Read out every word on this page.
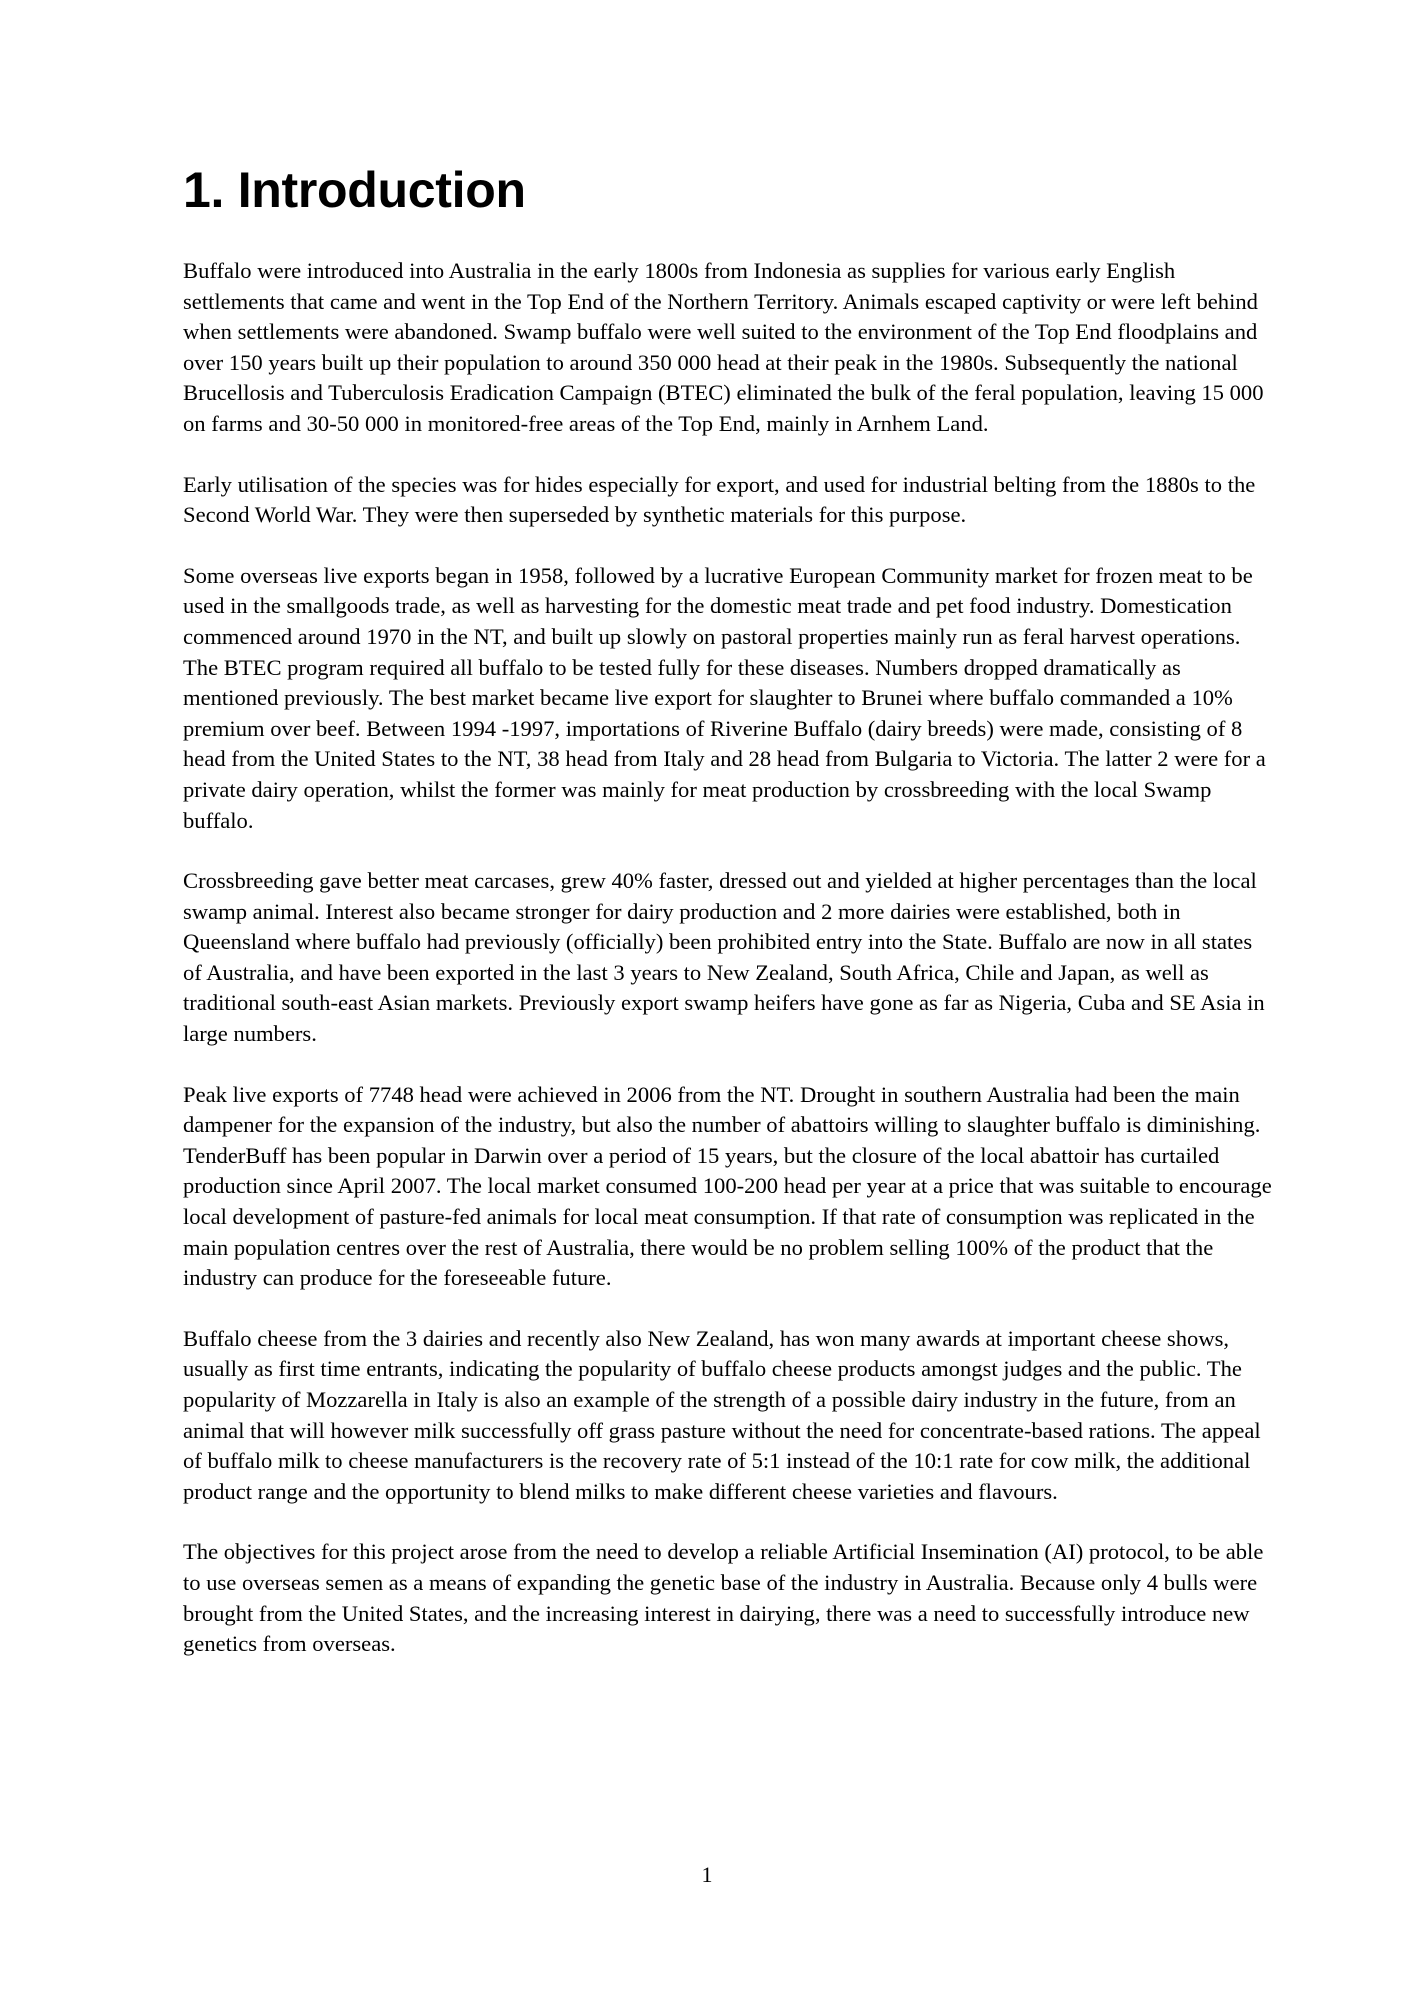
1. Introduction

Buffalo were introduced into Australia in the early 1800s from Indonesia as supplies for various early English settlements that came and went in the Top End of the Northern Territory. Animals escaped captivity or were left behind when settlements were abandoned. Swamp buffalo were well suited to the environment of the Top End floodplains and over 150 years built up their population to around 350 000 head at their peak in the 1980s. Subsequently the national Brucellosis and Tuberculosis Eradication Campaign (BTEC) eliminated the bulk of the feral population, leaving 15 000 on farms and 30-50 000 in monitored-free areas of the Top End, mainly in Arnhem Land.

Early utilisation of the species was for hides especially for export, and used for industrial belting from the 1880s to the Second World War. They were then superseded by synthetic materials for this purpose.

Some overseas live exports began in 1958, followed by a lucrative European Community market for frozen meat to be used in the smallgoods trade, as well as harvesting for the domestic meat trade and pet food industry. Domestication commenced around 1970 in the NT, and built up slowly on pastoral properties mainly run as feral harvest operations. The BTEC program required all buffalo to be tested fully for these diseases. Numbers dropped dramatically as mentioned previously. The best market became live export for slaughter to Brunei where buffalo commanded a 10% premium over beef. Between 1994 -1997, importations of Riverine Buffalo (dairy breeds) were made, consisting of 8 head from the United States to the NT, 38 head from Italy and 28 head from Bulgaria to Victoria. The latter 2 were for a private dairy operation, whilst the former was mainly for meat production by crossbreeding with the local Swamp buffalo.

Crossbreeding gave better meat carcases, grew 40% faster, dressed out and yielded at higher percentages than the local swamp animal. Interest also became stronger for dairy production and 2 more dairies were established, both in Queensland where buffalo had previously (officially) been prohibited entry into the State. Buffalo are now in all states of Australia, and have been exported in the last 3 years to New Zealand, South Africa, Chile and Japan, as well as traditional south-east Asian markets. Previously export swamp heifers have gone as far as Nigeria, Cuba and SE Asia in large numbers.

Peak live exports of 7748 head were achieved in 2006 from the NT. Drought in southern Australia had been the main dampener for the expansion of the industry, but also the number of abattoirs willing to slaughter buffalo is diminishing. TenderBuff has been popular in Darwin over a period of 15 years, but the closure of the local abattoir has curtailed production since April 2007. The local market consumed 100-200 head per year at a price that was suitable to encourage local development of pasture-fed animals for local meat consumption. If that rate of consumption was replicated in the main population centres over the rest of Australia, there would be no problem selling 100% of the product that the industry can produce for the foreseeable future.

Buffalo cheese from the 3 dairies and recently also New Zealand, has won many awards at important cheese shows, usually as first time entrants, indicating the popularity of buffalo cheese products amongst judges and the public. The popularity of Mozzarella in Italy is also an example of the strength of a possible dairy industry in the future, from an animal that will however milk successfully off grass pasture without the need for concentrate-based rations. The appeal of buffalo milk to cheese manufacturers is the recovery rate of 5:1 instead of the 10:1 rate for cow milk, the additional product range and the opportunity to blend milks to make different cheese varieties and flavours.

The objectives for this project arose from the need to develop a reliable Artificial Insemination (AI) protocol, to be able to use overseas semen as a means of expanding the genetic base of the industry in Australia. Because only 4 bulls were brought from the United States, and the increasing interest in dairying, there was a need to successfully introduce new genetics from overseas.

1
